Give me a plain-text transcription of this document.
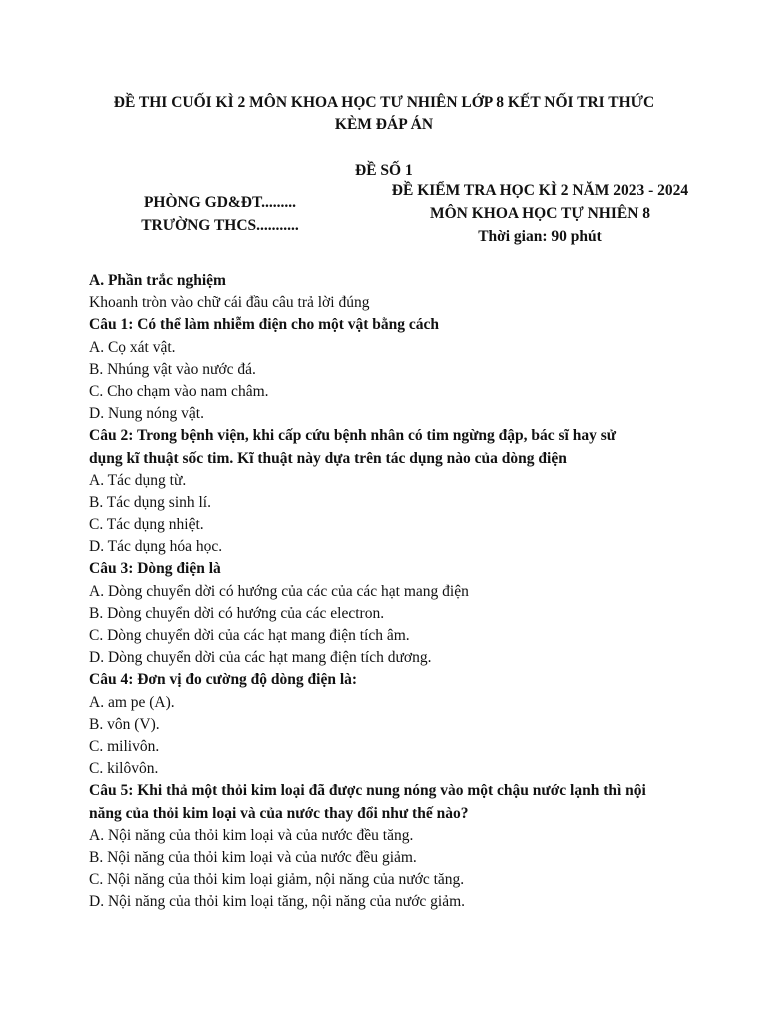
ĐỀ THI CUỐI KÌ 2 MÔN KHOA HỌC TƯ NHIÊN LỚP 8 KẾT NỐI TRI THỨC
KÈM ĐÁP ÁN
ĐỀ SỐ 1
PHÒNG GD&ĐT.........
TRƯỜNG THCS...........
ĐỀ KIỂM TRA HỌC KÌ 2 NĂM 2023 - 2024
MÔN KHOA HỌC TỰ NHIÊN 8
Thời gian: 90 phút
A. Phần trắc nghiệm
Khoanh tròn vào chữ cái đầu câu trả lời đúng
Câu 1: Có thể làm nhiễm điện cho một vật bằng cách
A. Cọ xát vật.
B. Nhúng vật vào nước đá.
C. Cho chạm vào nam châm.
D. Nung nóng vật.
Câu 2: Trong bệnh viện, khi cấp cứu bệnh nhân có tim ngừng đập, bác sĩ hay sử
dụng kĩ thuật sốc tim. Kĩ thuật này dựa trên tác dụng nào của dòng điện
A. Tác dụng từ.
B. Tác dụng sinh lí.
C. Tác dụng nhiệt.
D. Tác dụng hóa học.
Câu 3: Dòng điện là
A. Dòng chuyển dời có hướng của các của các hạt mang điện
B. Dòng chuyển dời có hướng của các electron.
C. Dòng chuyển dời của các hạt mang điện tích âm.
D. Dòng chuyển dời của các hạt mang điện tích dương.
Câu 4: Đơn vị đo cường độ dòng điện là:
A. am pe (A).
B. vôn (V).
C. milivôn.
C. kilôvôn.
Câu 5: Khi thả một thỏi kim loại đã được nung nóng vào một chậu nước lạnh thì nội
năng của thỏi kim loại và của nước thay đổi như thế nào?
A. Nội năng của thỏi kim loại và của nước đều tăng.
B. Nội năng của thỏi kim loại và của nước đều giảm.
C. Nội năng của thỏi kim loại giảm, nội năng của nước tăng.
D. Nội năng của thỏi kim loại tăng, nội năng của nước giảm.
